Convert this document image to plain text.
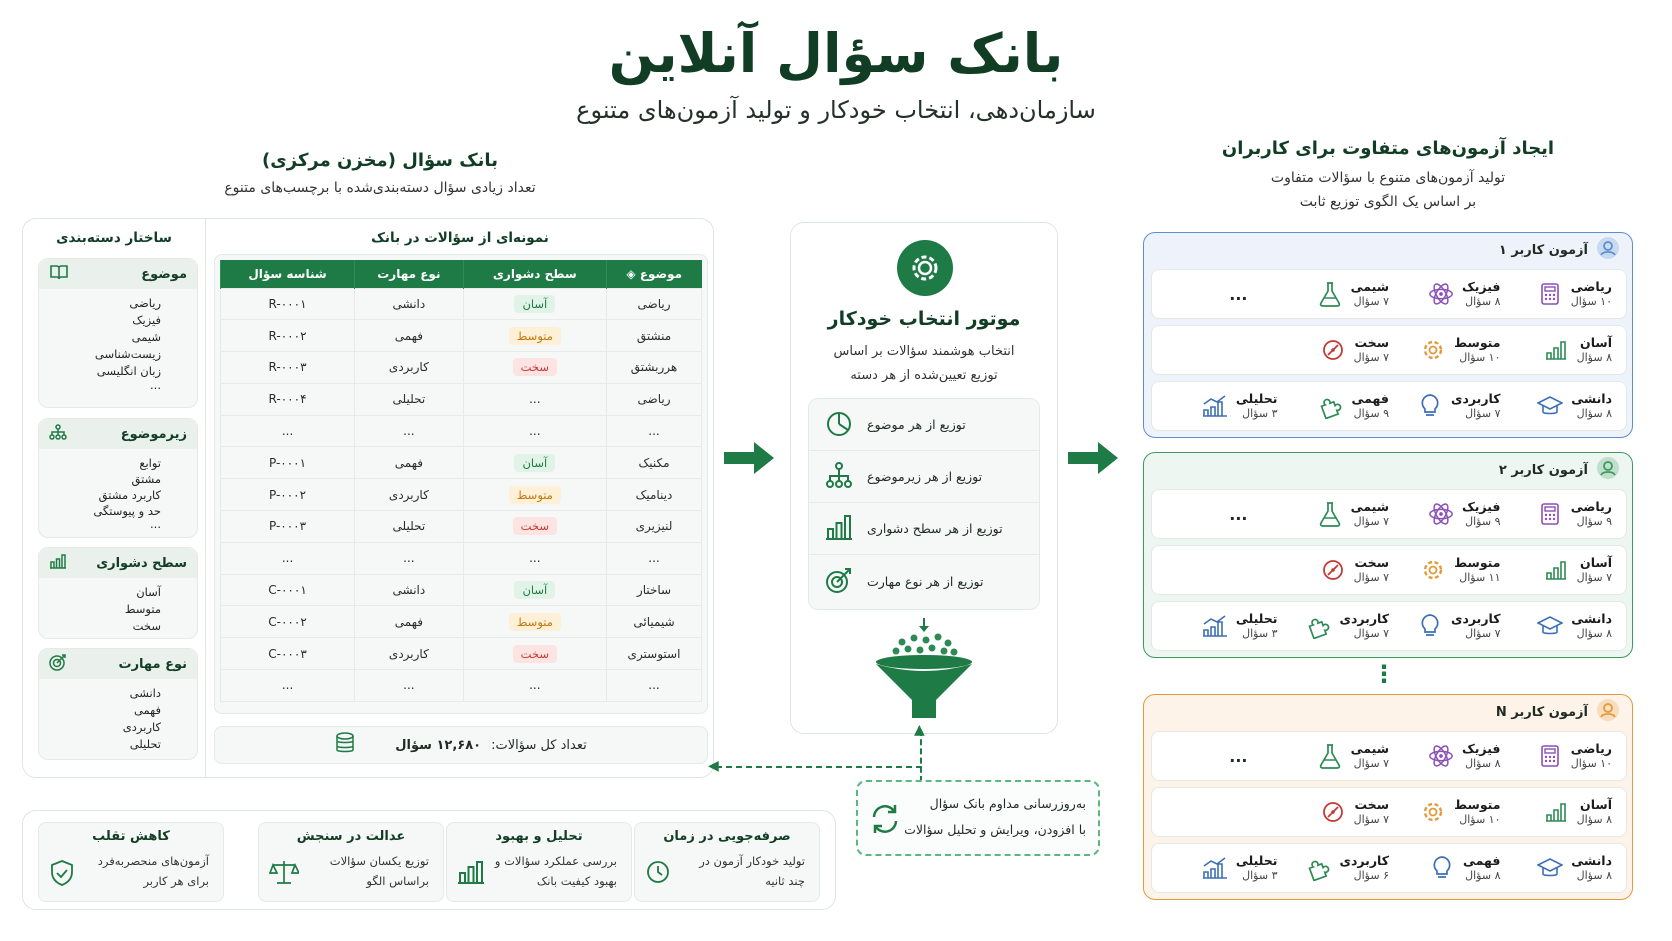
بانک سؤال آنلاین
سازمان‌دهی، انتخاب خودکار و تولید آزمون‌های متنوع
بانک سؤال (مخزن مرکزی)
تعداد زیادی سؤال دسته‌بندی‌شده با برچسب‌های متنوع
ساختار دسته‌بندی	نمونه‌ای از سؤالات در بانک
موضوع
ریاضی
فیزیک
شیمی
زیست‌شناسی
زبان انگلیسی
...
زیرموضوع
توابع
مشتق
کاربرد مشتق
حد و پیوستگی
...
سطح دشواری
آسان
متوسط
سخت
نوع مهارت
دانشی
فهمی
کاربردی
تحلیلی
موضوع ◈	سطح دشواری	نوع مهارت	شناسه سؤال
ریاضی	آسان	دانشی	R-۰۰۰۱
منشتق	متوسط	فهمی	R-۰۰۰۲
هرربشتق	سخت	کاربردی	R-۰۰۰۳
ریاضی	...	تحلیلی	R-۰۰۰۴
...	...	...	...
مکنیک	آسان	فهمی	P-۰۰۰۱
دینامیک	متوسط	کاربردی	P-۰۰۰۲
لنیزیری	سخت	تحلیلی	P-۰۰۰۳
...	...	...	...
ساختار	آسان	دانشی	C-۰۰۰۱
شیمیائی	متوسط	فهمی	C-۰۰۰۲
استوستری	سخت	کاربردی	C-۰۰۰۳
...	...	...	...
تعداد کل سؤالات:
۱۲,۶۸۰ سؤال
موتور انتخاب خودکار
انتخاب هوشمند سؤالات بر اساس
توزیع تعیین‌شده از هر دسته
توزیع از هر موضوع
توزیع از هر زیرموضوع
توزیع از هر سطح دشواری
توزیع از هر نوع مهارت
▲
◀
به‌روزرسانی مداوم بانک سؤال
با افزودن، ویرایش و تحلیل سؤالات
ایجاد آزمون‌های متفاوت برای کاربران
تولید آزمون‌های متنوع با سؤالات متفاوت
بر اساس یک الگوی توزیع ثابت
آزمون کاربر ۱
ریاضی
۱۰ سؤال
فیزیک
۸ سؤال
شیمی
۷ سؤال
...
آسان
۸ سؤال
متوسط
۱۰ سؤال
سخت
۷ سؤال
دانشی
۸ سؤال
کاربردی
۷ سؤال
فهمی
۹ سؤال
تحلیلی
۳ سؤال
آزمون کاربر ۲
ریاضی
۹ سؤال
فیزیک
۹ سؤال
شیمی
۷ سؤال
...
آسان
۷ سؤال
متوسط
۱۱ سؤال
سخت
۷ سؤال
دانشی
۸ سؤال
کاربردی
۷ سؤال
کاربردی
۷ سؤال
تحلیلی
۳ سؤال
آزمون کاربر N
ریاضی
۱۰ سؤال
فیزیک
۸ سؤال
شیمی
۷ سؤال
...
آسان
۸ سؤال
متوسط
۱۰ سؤال
سخت
۷ سؤال
دانشی
۸ سؤال
فهمی
۸ سؤال
کاربردی
۶ سؤال
تحلیلی
۳ سؤال
⋮
صرفه‌جویی در زمان
تولید خودکار آزمون در
چند ثانیه
تحلیل و بهبود
بررسی عملکرد سؤالات و
بهبود کیفیت بانک
عدالت در سنجش
توزیع یکسان سؤالات
براساس الگو
کاهش تقلب
آزمون‌های منحصربه‌فرد
برای هر کاربر
